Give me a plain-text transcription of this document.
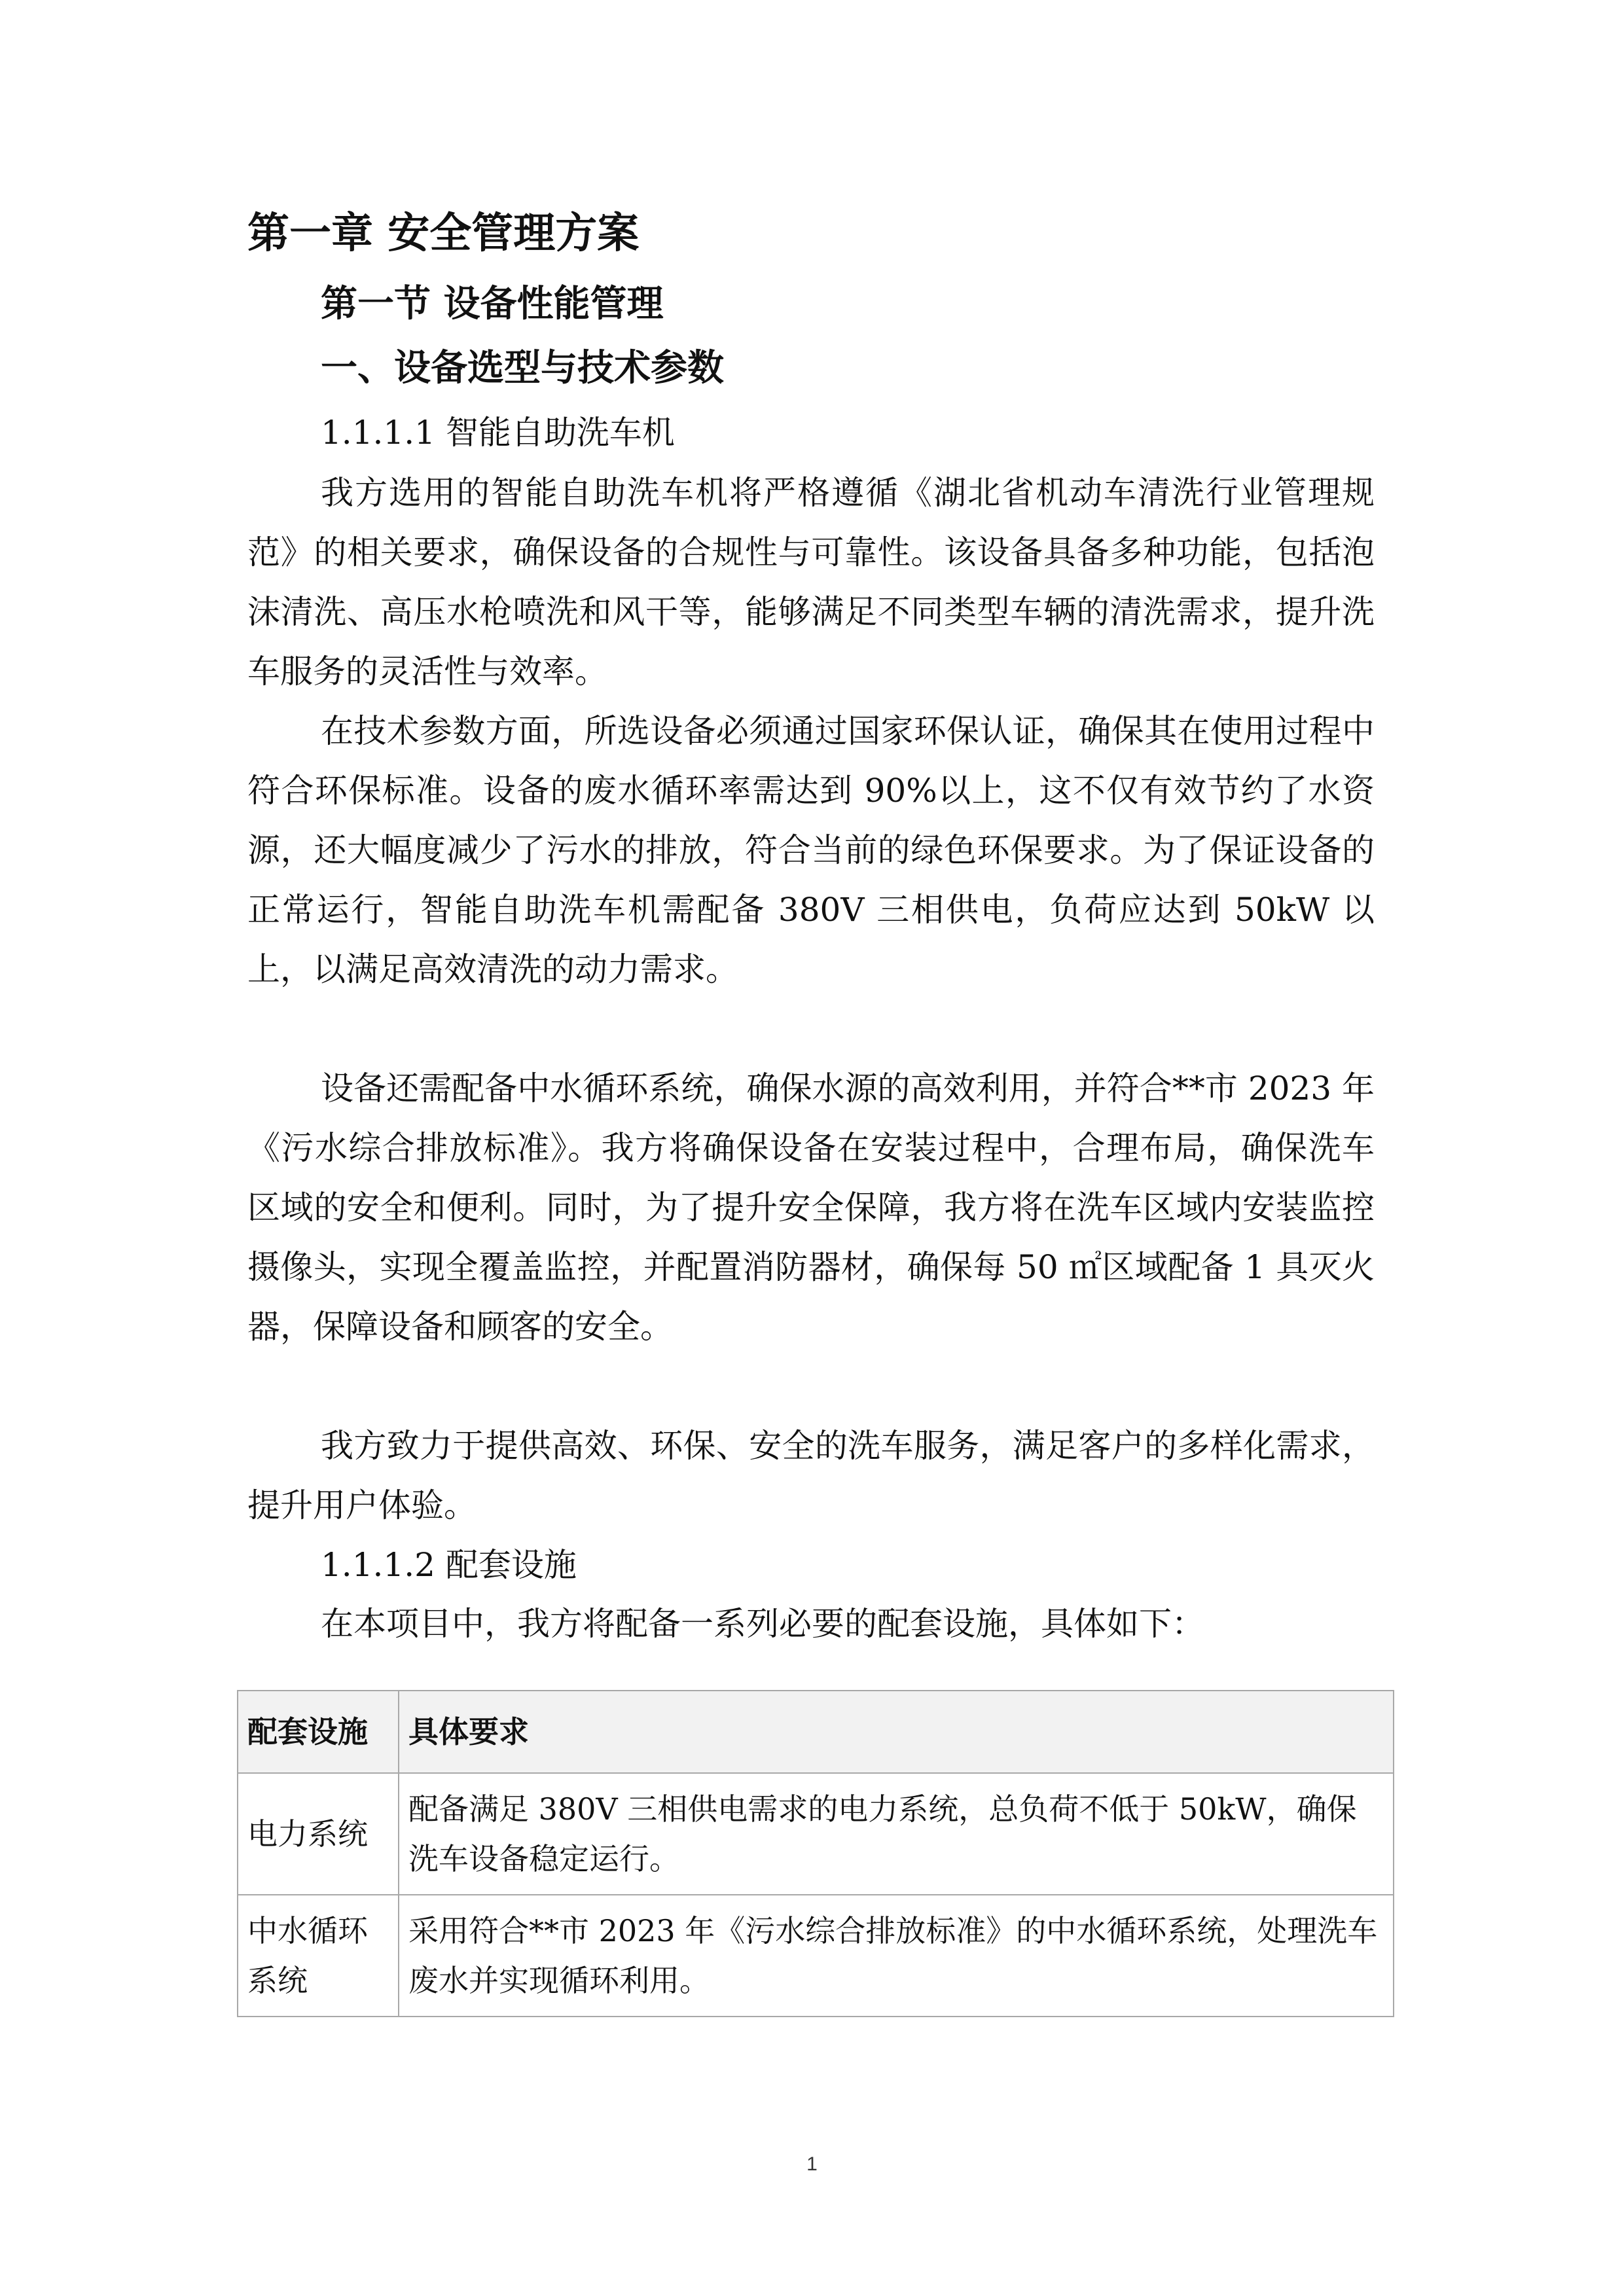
第一章 安全管理方案
第一节 设备性能管理
一、设备选型与技术参数
1.1.1.1 智能自助洗车机

我方选用的智能自助洗车机将严格遵循《湖北省机动车清洗行业管理规范》的相关要求，确保设备的合规性与可靠性。该设备具备多种功能，包括泡沫清洗、高压水枪喷洗和风干等，能够满足不同类型车辆的清洗需求，提升洗车服务的灵活性与效率。

在技术参数方面，所选设备必须通过国家环保认证，确保其在使用过程中符合环保标准。设备的废水循环率需达到 90%以上，这不仅有效节约了水资源，还大幅度减少了污水的排放，符合当前的绿色环保要求。为了保证设备的正常运行，智能自助洗车机需配备 380V 三相供电，负荷应达到 50kW 以上，以满足高效清洗的动力需求。

设备还需配备中水循环系统，确保水源的高效利用，并符合**市 2023 年《污水综合排放标准》。我方将确保设备在安装过程中，合理布局，确保洗车区域的安全和便利。同时，为了提升安全保障，我方将在洗车区域内安装监控摄像头，实现全覆盖监控，并配置消防器材，确保每 50 ㎡区域配备 1 具灭火器，保障设备和顾客的安全。

我方致力于提供高效、环保、安全的洗车服务，满足客户的多样化需求，提升用户体验。

1.1.1.2 配套设施

在本项目中，我方将配备一系列必要的配套设施，具体如下：

配套设施	具体要求
电力系统	配备满足 380V 三相供电需求的电力系统，总负荷不低于 50kW，确保洗车设备稳定运行。
中水循环系统	采用符合**市 2023 年《污水综合排放标准》的中水循环系统，处理洗车废水并实现循环利用。
1
